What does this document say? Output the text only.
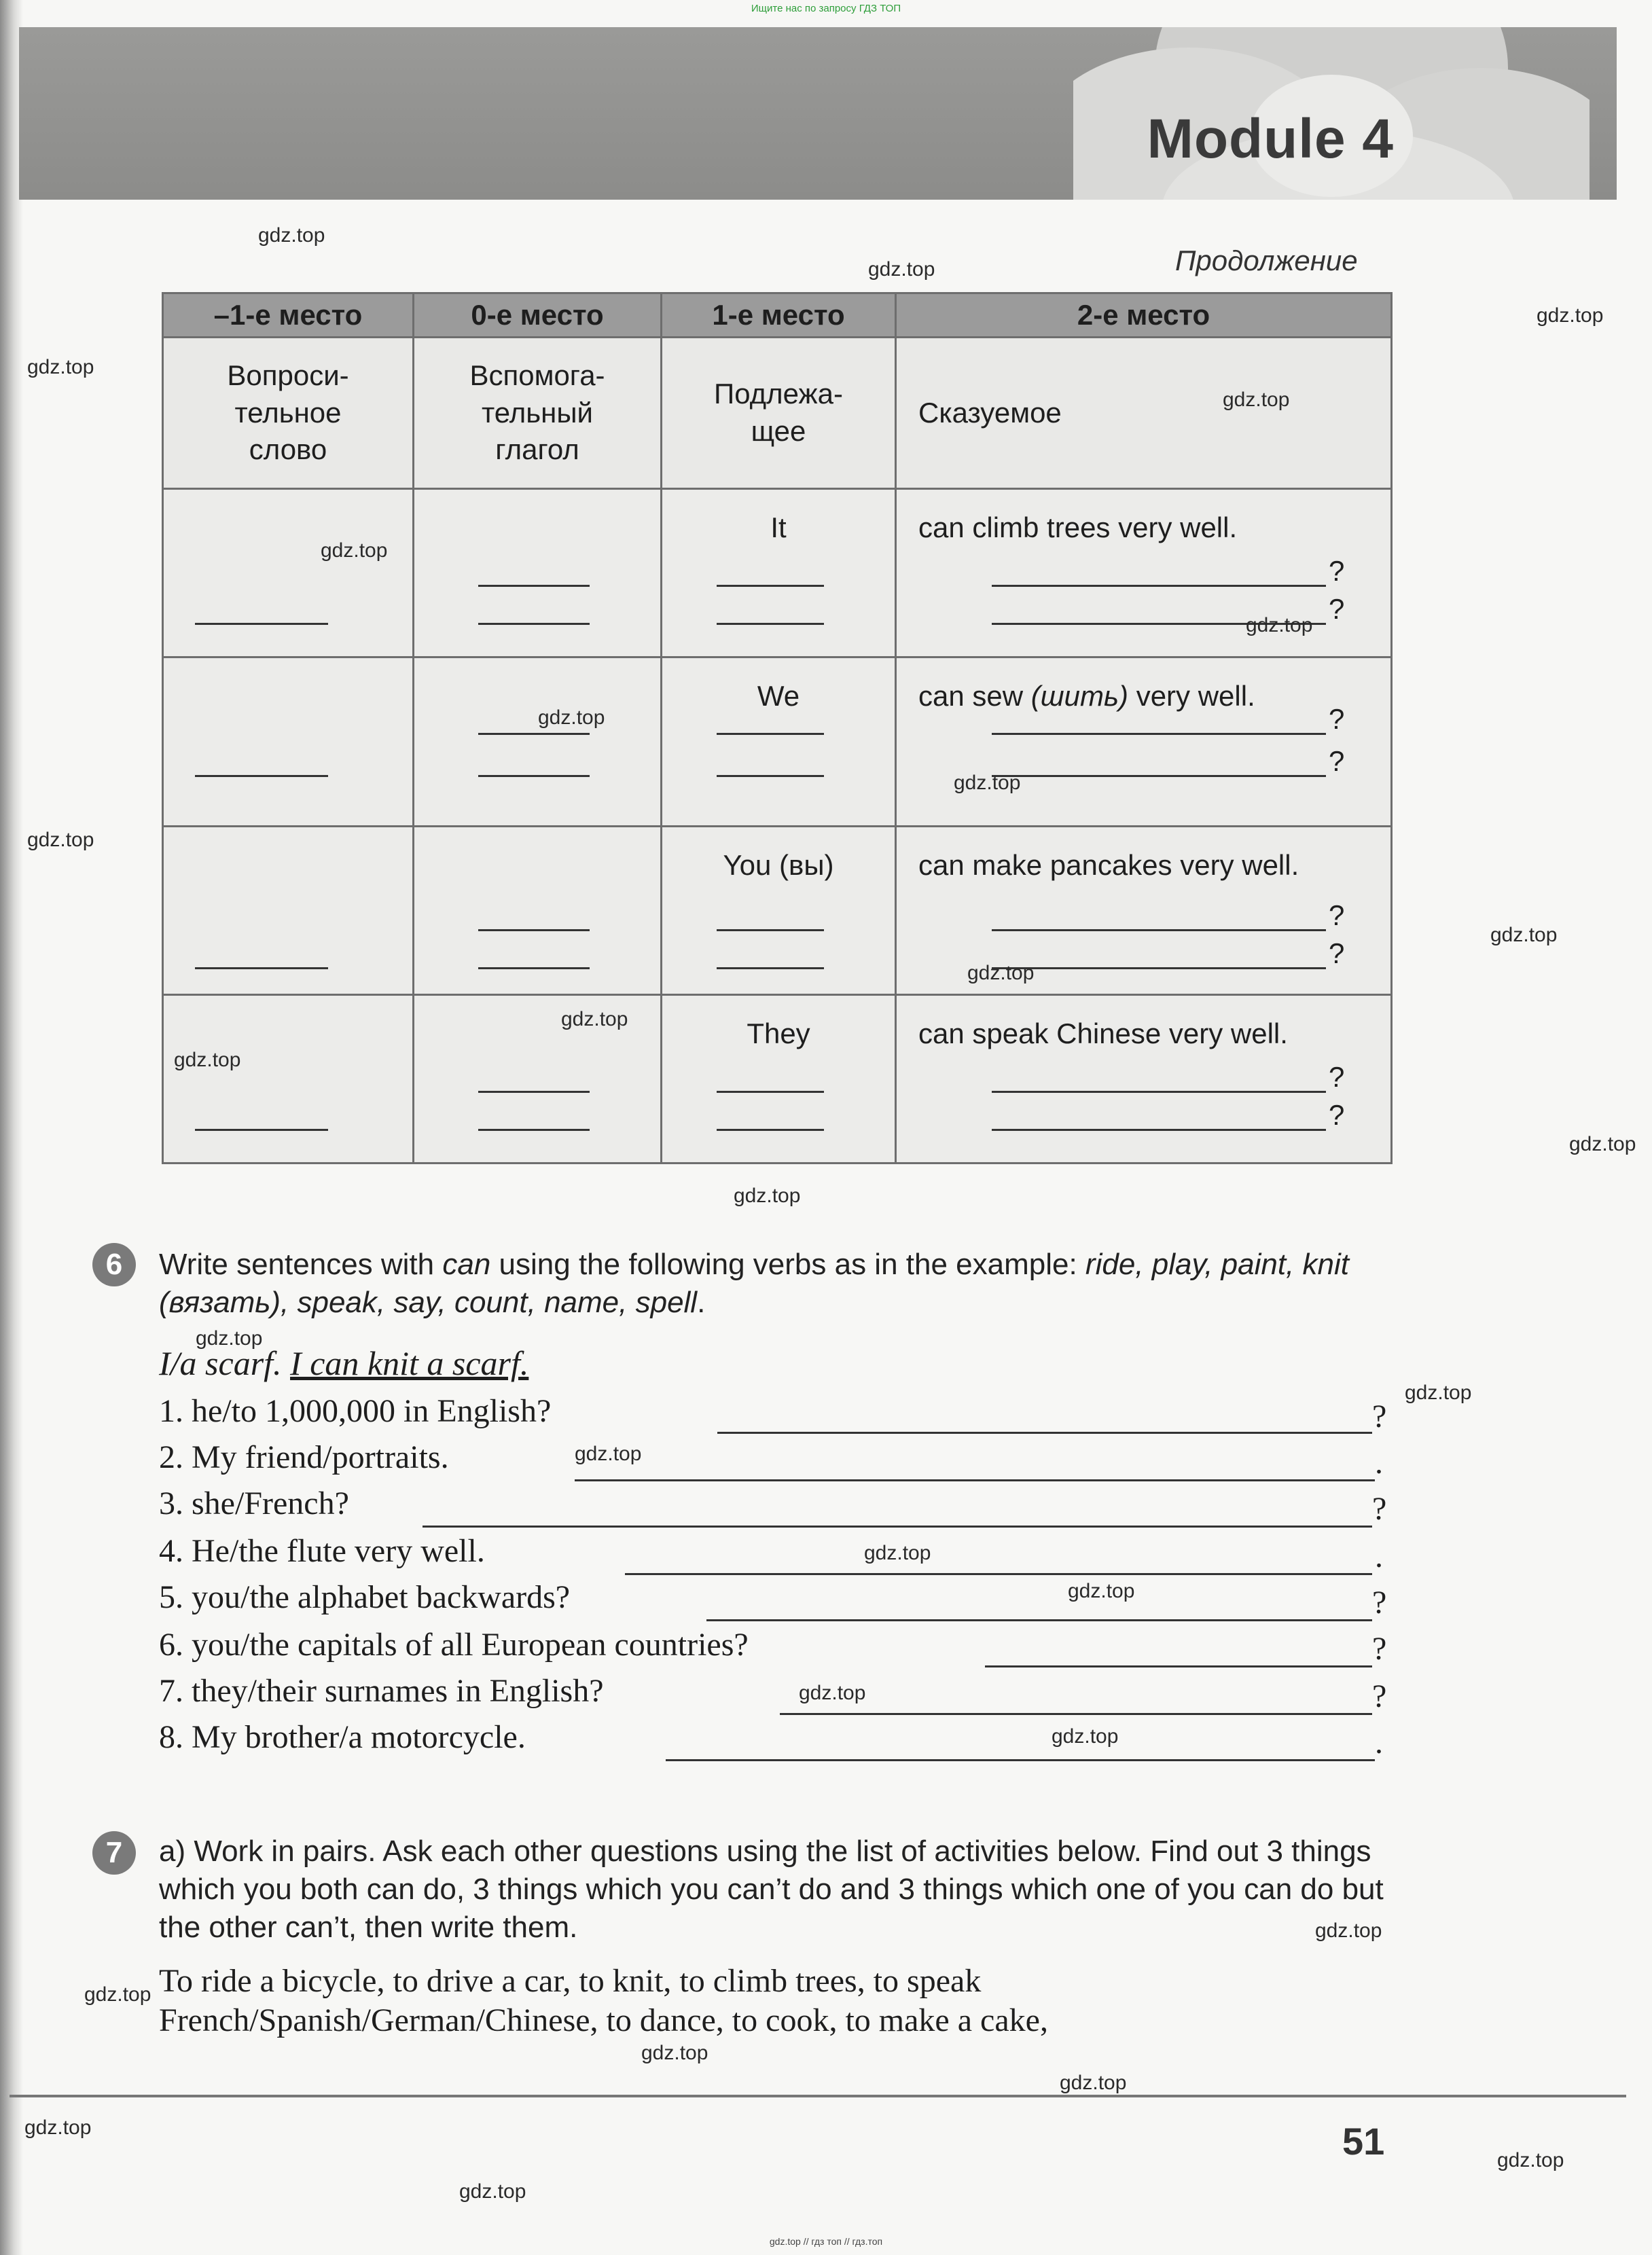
Ищите нас по запросу ГДЗ ТОП
Module 4
Продолжение
–1-е место	0-е место	1-е место	2-е место
Вопроси-
тельное
слово	Вспомога-
тельный
глагол	Подлежа-
щее	Сказуемое

		It	can climb trees very well.
?
?

		We	can sew (шить) very well.
?
?

		You (вы)	can make pancakes very well.
?
?

		They	can speak Chinese very well.
?
?
6	Write sentences with can using the following verbs as in the example: ride, play, paint, knit (вязать), speak, say, count, name, spell.
I/a scarf. I can knit a scarf.
1. he/to 1,000,000 in English?	?
2. My friend/portraits.	.
3. she/French?	?
4. He/the flute very well.	.
5. you/the alphabet backwards?	?
6. you/the capitals of all European countries?	?
7. they/their surnames in English?	?
8. My brother/a motorcycle.	.
7	a) Work in pairs. Ask each other questions using the list of activities below. Find out 3 things which you both can do, 3 things which you can’t do and 3 things which one of you can do but the other can’t, then write them.
To ride a bicycle, to drive a car, to knit, to climb trees, to speak French/Spanish/German/Chinese, to dance, to cook, to make a cake,
51
gdz.top // гдз топ // гдз.топ
gdz.top
gdz.top
gdz.top
gdz.top
gdz.top
gdz.top
gdz.top
gdz.top
gdz.top
gdz.top
gdz.top
gdz.top
gdz.top
gdz.top
gdz.top
gdz.top
gdz.top
gdz.top
gdz.top
gdz.top
gdz.top
gdz.top
gdz.top
gdz.top
gdz.top
gdz.top
gdz.top
gdz.top
gdz.top
gdz.top
